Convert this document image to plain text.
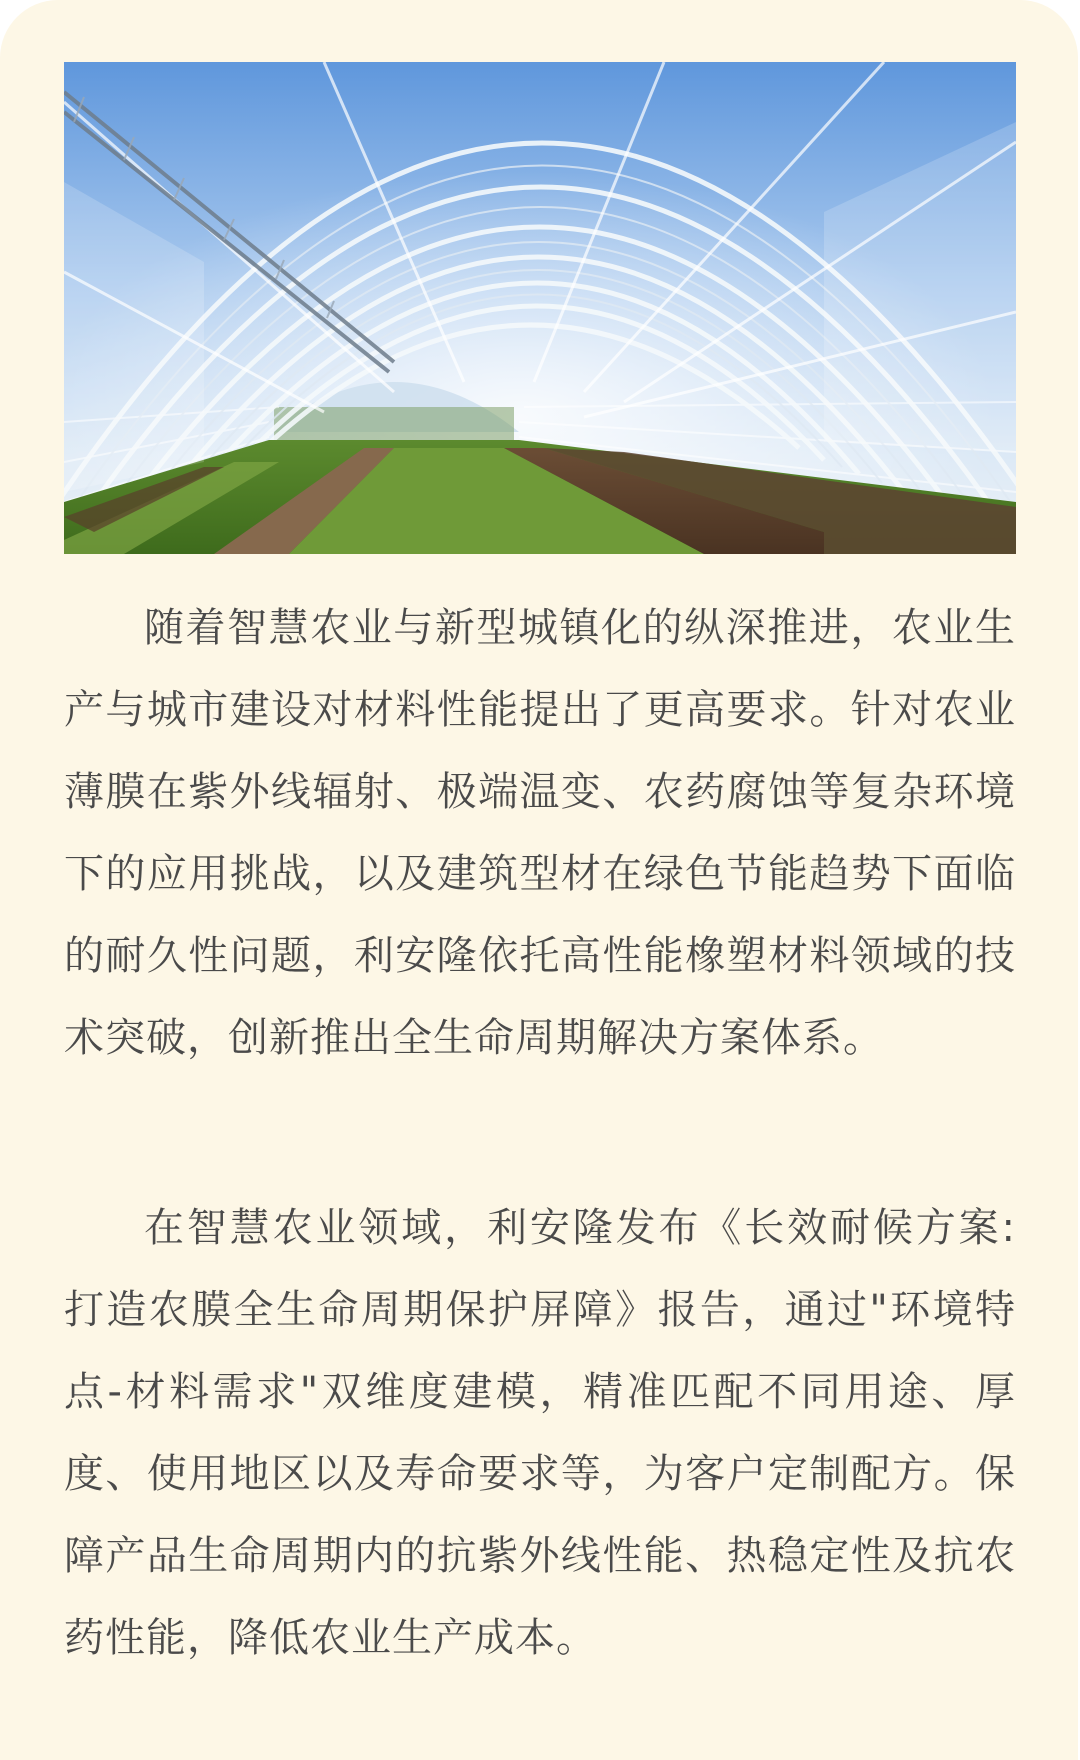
随着智慧农业与新型城镇化的纵深推进，农业生产与城市建设对材料性能提出了更高要求。针对农业薄膜在紫外线辐射、极端温变、农药腐蚀等复杂环境下的应用挑战，以及建筑型材在绿色节能趋势下面临的耐久性问题，利安隆依托高性能橡塑材料领域的技术突破，创新推出全生命周期解决方案体系。

在智慧农业领域，利安隆发布《长效耐候方案:打造农膜全生命周期保护屏障》报告，通过"环境特点-材料需求"双维度建模，精准匹配不同用途、厚度、使用地区以及寿命要求等，为客户定制配方。保障产品生命周期内的抗紫外线性能、热稳定性及抗农药性能，降低农业生产成本。
